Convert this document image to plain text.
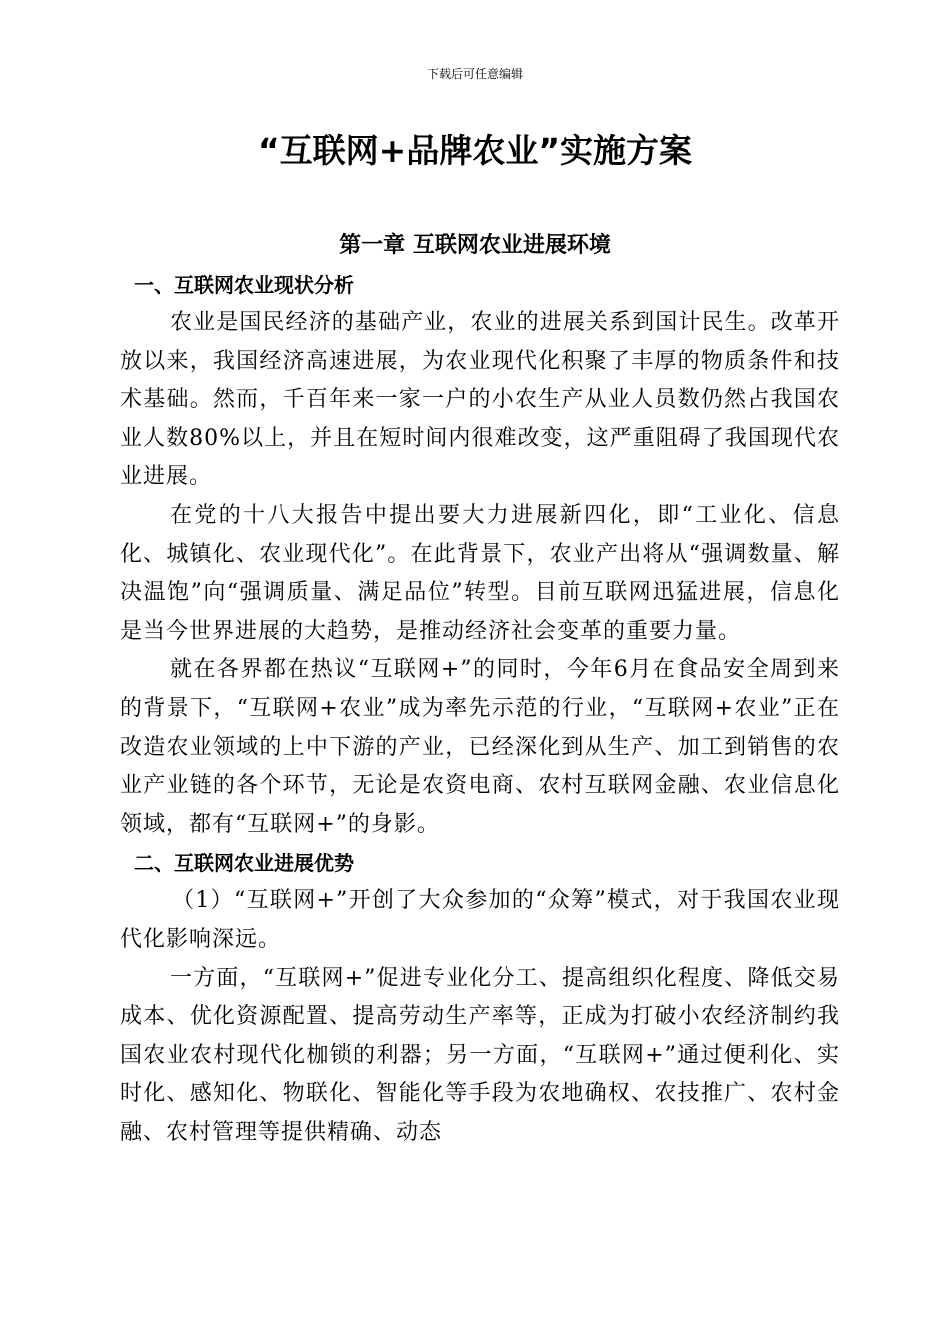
下载后可任意编辑
“互联网+品牌农业”实施方案
第一章 互联网农业进展环境
一、互联网农业现状分析

农业是国民经济的基础产业，农业的进展关系到国计民生。改革开放以来，我国经济高速进展，为农业现代化积聚了丰厚的物质条件和技术基础。然而，千百年来一家一户的小农生产从业人员数仍然占我国农业人数80%以上，并且在短时间内很难改变，这严重阻碍了我国现代农业进展。

在党的十八大报告中提出要大力进展新四化，即“工业化、信息化、城镇化、农业现代化”。在此背景下，农业产出将从“强调数量、解决温饱”向“强调质量、满足品位”转型。目前互联网迅猛进展，信息化是当今世界进展的大趋势，是推动经济社会变革的重要力量。

就在各界都在热议“互联网+”的同时，今年6月在食品安全周到来的背景下，“互联网+农业”成为率先示范的行业，“互联网+农业”正在改造农业领域的上中下游的产业，已经深化到从生产、加工到销售的农业产业链的各个环节，无论是农资电商、农村互联网金融、农业信息化领域，都有“互联网+”的身影。

二、互联网农业进展优势

（1）“互联网+”开创了大众参加的“众筹”模式，对于我国农业现代化影响深远。

一方面，“互联网+”促进专业化分工、提高组织化程度、降低交易成本、优化资源配置、提高劳动生产率等，正成为打破小农经济制约我国农业农村现代化枷锁的利器；另一方面，“互联网+”通过便利化、实时化、感知化、物联化、智能化等手段为农地确权、农技推广、农村金融、农村管理等提供精确、动态
